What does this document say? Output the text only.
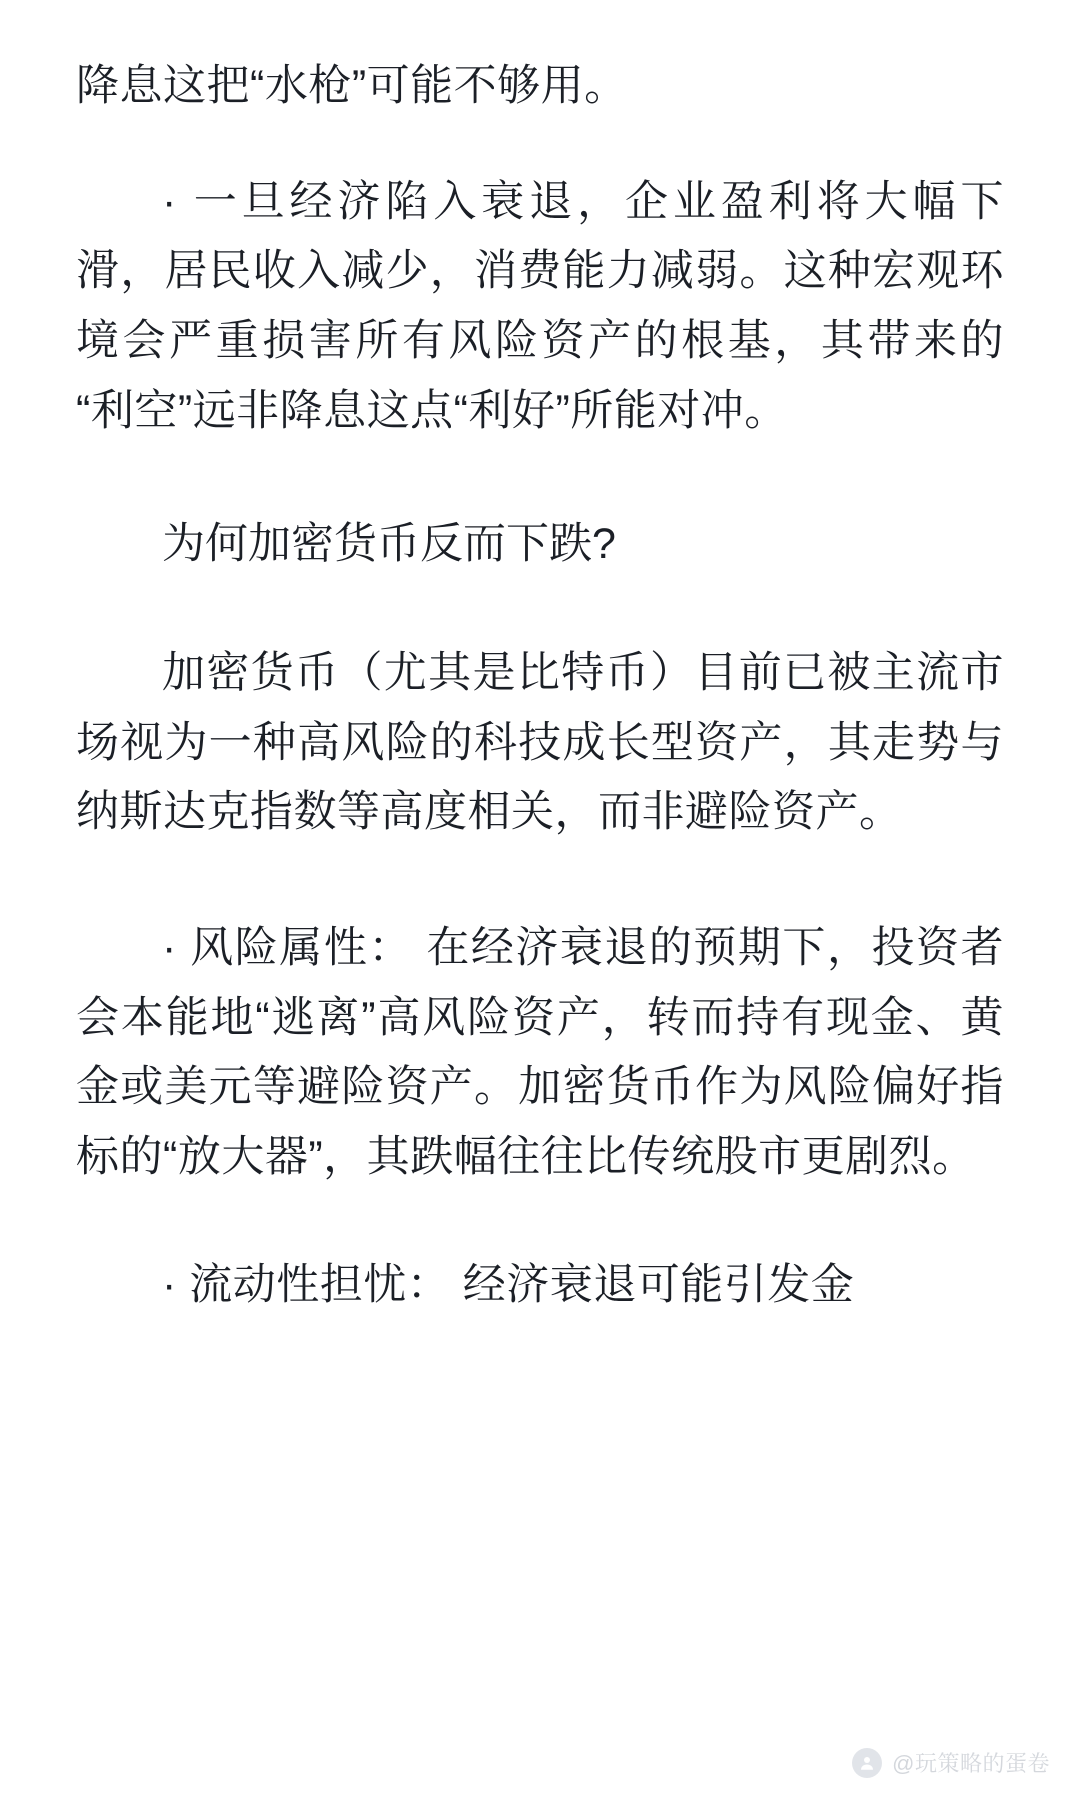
降息这把“水枪”可能不够用。

· 一旦经济陷入衰退，企业盈利将大幅下滑，居民收入减少，消费能力减弱。这种宏观环境会严重损害所有风险资产的根基，其带来的“利空”远非降息这点“利好”所能对冲。

为何加密货币反而下跌?

加密货币（尤其是比特币）目前已被主流市场视为一种高风险的科技成长型资产，其走势与纳斯达克指数等高度相关，而非避险资产。

· 风险属性： 在经济衰退的预期下，投资者会本能地“逃离”高风险资产，转而持有现金、黄金或美元等避险资产。加密货币作为风险偏好指标的“放大器”，其跌幅往往比传统股市更剧烈。

· 流动性担忧： 经济衰退可能引发金

@玩策略的蛋卷
